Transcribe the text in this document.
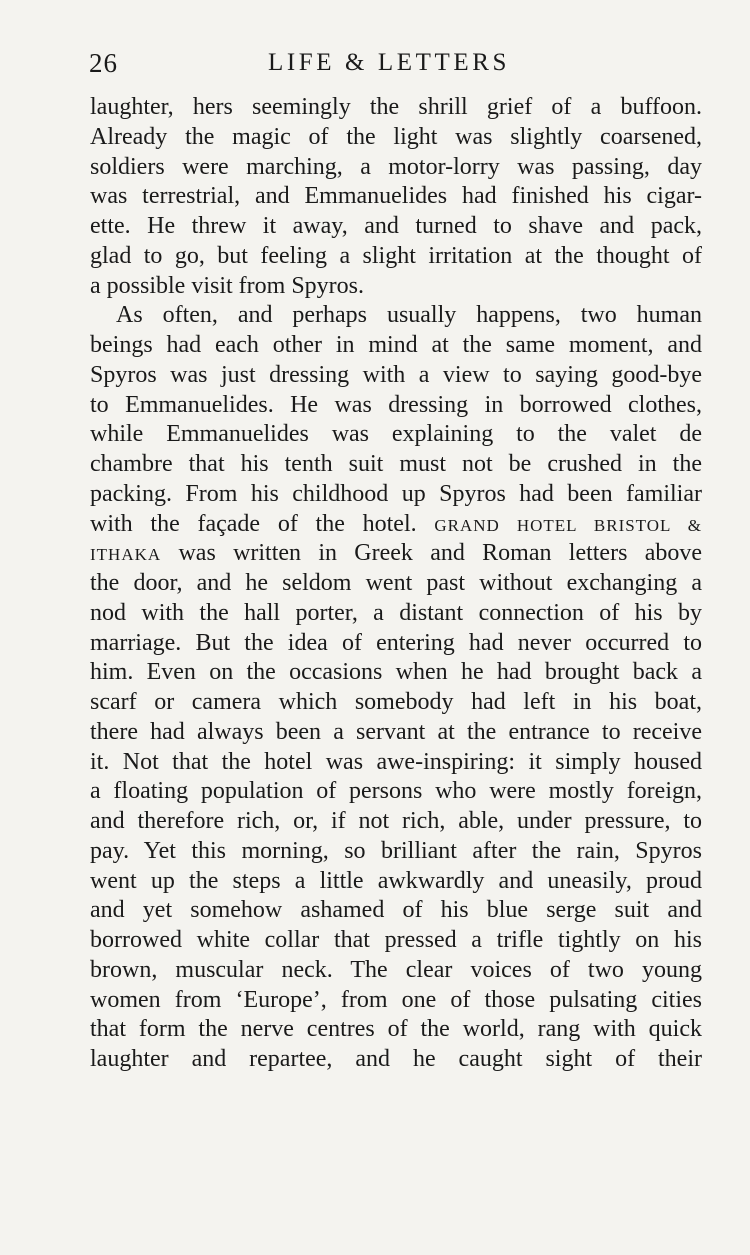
26	LIFE & LETTERS
laughter, hers seemingly the shrill grief of a buffoon.
Already the magic of the light was slightly coarsened,
soldiers were marching, a motor-lorry was passing, day
was terrestrial, and Emmanuelides had finished his cigar-
ette. He threw it away, and turned to shave and pack,
glad to go, but feeling a slight irritation at the thought of
a possible visit from Spyros.
As often, and perhaps usually happens, two human
beings had each other in mind at the same moment, and
Spyros was just dressing with a view to saying good-bye
to Emmanuelides. He was dressing in borrowed clothes,
while Emmanuelides was explaining to the valet de
chambre that his tenth suit must not be crushed in the
packing. From his childhood up Spyros had been familiar
with the façade of the hotel. GRAND HOTEL BRISTOL &
ITHAKA was written in Greek and Roman letters above
the door, and he seldom went past without exchanging a
nod with the hall porter, a distant connection of his by
marriage. But the idea of entering had never occurred to
him. Even on the occasions when he had brought back a
scarf or camera which somebody had left in his boat,
there had always been a servant at the entrance to receive
it. Not that the hotel was awe-inspiring: it simply housed
a floating population of persons who were mostly foreign,
and therefore rich, or, if not rich, able, under pressure, to
pay. Yet this morning, so brilliant after the rain, Spyros
went up the steps a little awkwardly and uneasily, proud
and yet somehow ashamed of his blue serge suit and
borrowed white collar that pressed a trifle tightly on his
brown, muscular neck. The clear voices of two young
women from ‘Europe’, from one of those pulsating cities
that form the nerve centres of the world, rang with quick
laughter and repartee, and he caught sight of their
